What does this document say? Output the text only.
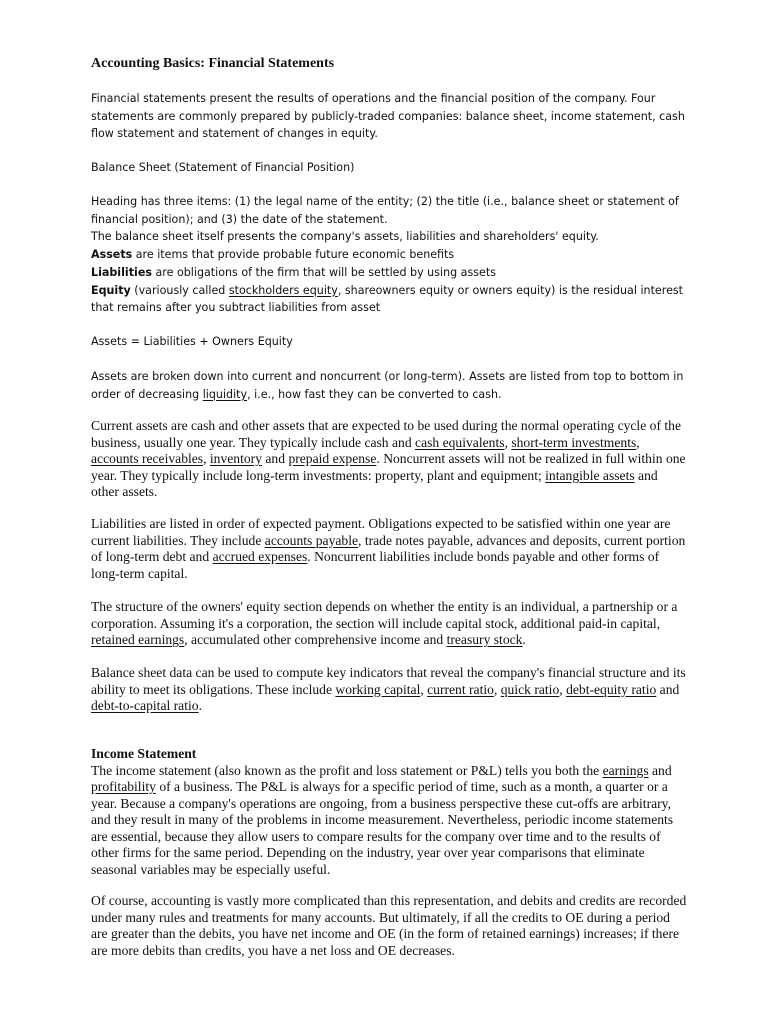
Accounting Basics: Financial Statements

Financial statements present the results of operations and the financial position of the company. Four statements are commonly prepared by publicly-traded companies: balance sheet, income statement, cash flow statement and statement of changes in equity.

Balance Sheet (Statement of Financial Position)

Heading has three items: (1) the legal name of the entity; (2) the title (i.e., balance sheet or statement of financial position); and (3) the date of the statement.
The balance sheet itself presents the company's assets, liabilities and shareholders' equity.
Assets are items that provide probable future economic benefits
Liabilities are obligations of the firm that will be settled by using assets
Equity (variously called stockholders equity, shareowners equity or owners equity) is the residual interest that remains after you subtract liabilities from asset

Assets = Liabilities + Owners Equity

Assets are broken down into current and noncurrent (or long-term). Assets are listed from top to bottom in order of decreasing liquidity, i.e., how fast they can be converted to cash.

Current assets are cash and other assets that are expected to be used during the normal operating cycle of the business, usually one year. They typically include cash and cash equivalents, short-term investments, accounts receivables, inventory and prepaid expense. Noncurrent assets will not be realized in full within one year. They typically include long-term investments: property, plant and equipment; intangible assets and other assets.

Liabilities are listed in order of expected payment. Obligations expected to be satisfied within one year are current liabilities. They include accounts payable, trade notes payable, advances and deposits, current portion of long-term debt and accrued expenses. Noncurrent liabilities include bonds payable and other forms of long-term capital.

The structure of the owners' equity section depends on whether the entity is an individual, a partnership or a corporation. Assuming it's a corporation, the section will include capital stock, additional paid-in capital, retained earnings, accumulated other comprehensive income and treasury stock.

Balance sheet data can be used to compute key indicators that reveal the company's financial structure and its ability to meet its obligations. These include working capital, current ratio, quick ratio, debt-equity ratio and debt-to-capital ratio.

Income Statement
The income statement (also known as the profit and loss statement or P&L) tells you both the earnings and profitability of a business. The P&L is always for a specific period of time, such as a month, a quarter or a year. Because a company's operations are ongoing, from a business perspective these cut-offs are arbitrary, and they result in many of the problems in income measurement. Nevertheless, periodic income statements are essential, because they allow users to compare results for the company over time and to the results of other firms for the same period. Depending on the industry, year over year comparisons that eliminate seasonal variables may be especially useful.

Of course, accounting is vastly more complicated than this representation, and debits and credits are recorded under many rules and treatments for many accounts. But ultimately, if all the credits to OE during a period are greater than the debits, you have net income and OE (in the form of retained earnings) increases; if there are more debits than credits, you have a net loss and OE decreases.
